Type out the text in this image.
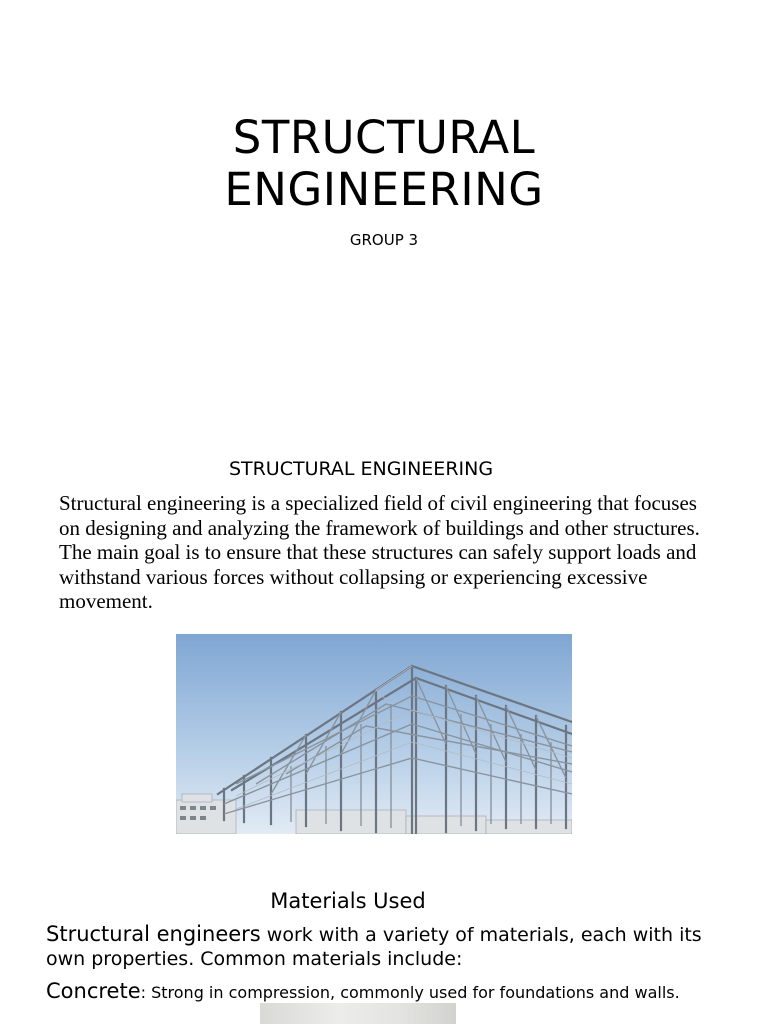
STRUCTURAL
ENGINEERING
GROUP 3
STRUCTURAL ENGINEERING
Structural engineering is a specialized field of civil engineering that focuses on designing and analyzing the framework of buildings and other structures. The main goal is to ensure that these structures can safely support loads and withstand various forces without collapsing or experiencing excessive movement.
Materials Used
Structural engineers work with a variety of materials, each with its own properties. Common materials include:
Concrete: Strong in compression, commonly used for foundations and walls.
